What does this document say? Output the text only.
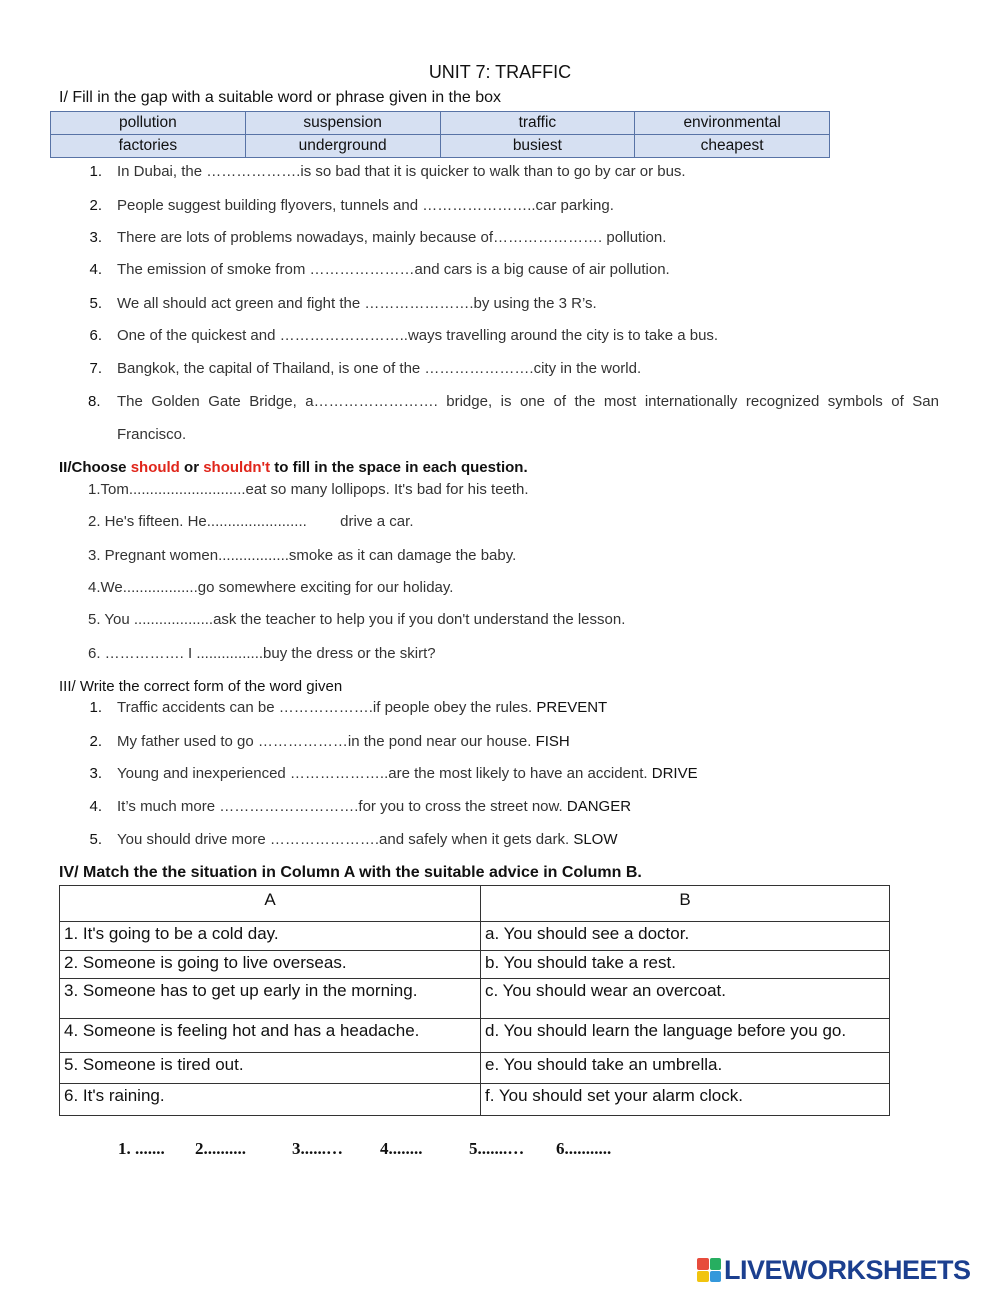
UNIT 7: TRAFFIC
I/ Fill in the gap with a suitable word or phrase given in the box
pollution	suspension	traffic	environmental
factories	underground	busiest	cheapest
1. In Dubai, the ……………….is so bad that it is quicker to walk than to go by car or bus.
2. People suggest building flyovers, tunnels and …………………..car parking.
3. There are lots of problems nowadays, mainly because of…………………. pollution.
4. The emission of smoke from …………………and cars is a big cause of air pollution.
5. We all should act green and fight the ………………….by using the 3 R’s.
6. One of the quickest and ……………………..ways travelling around the city is to take a bus.
7. Bangkok, the capital of Thailand, is one of the ………………….city in the world.
8. The Golden Gate Bridge, a……………………. bridge, is one of the most internationally recognized symbols of San
Francisco.
II/Choose should or shouldn't to fill in the space in each question.
1.Tom............................eat so many lollipops. It's bad for his teeth.
2. He's fifteen. He........................        drive a car.
3. Pregnant women.................smoke as it can damage the baby.
4.We..................go somewhere exciting for our holiday.
5. You ...................ask the teacher to help you if you don't understand the lesson.
6. ……………. I ................buy the dress or the skirt?
III/ Write the correct form of the word given
1. Traffic accidents can be ……………….if people obey the rules. PREVENT
2. My father used to go ………………in the pond near our house. FISH
3. Young and inexperienced ………………..are the most likely to have an accident. DRIVE
4. It’s much more ……………………….for you to cross the street now. DANGER
5. You should drive more ………………….and safely when it gets dark. SLOW
IV/ Match the the situation in Column A with the suitable advice in Column B.
A	B
1. It's going to be a cold day.	a. You should see a doctor.
2. Someone is going to live overseas.	b. You should take a rest.
3. Someone has to get up early in the morning.	c. You should wear an overcoat.
4. Someone is feeling hot and has a headache.	d. You should learn the language before you go.
5. Someone is tired out.	e. You should take an umbrella.
6. It's raining.	f. You should set your alarm clock.
1. ....... 2..........	3......… 4........	5.......… 6...........
LIVEWORKSHEETS
